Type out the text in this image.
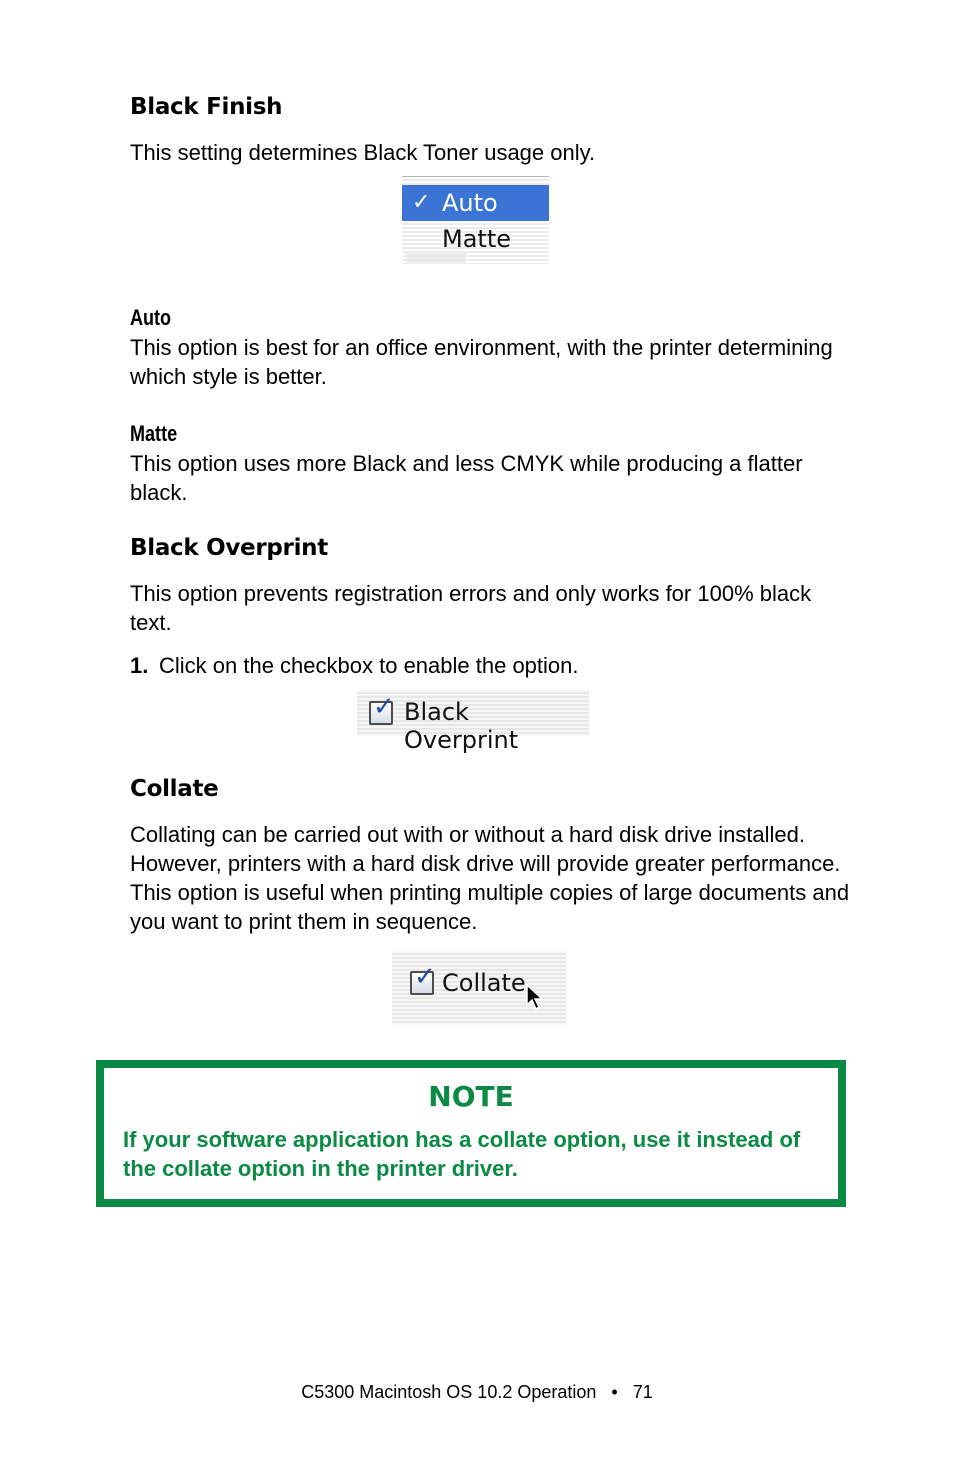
Black Finish
This setting determines Black Toner usage only.
✓ Auto
Matte
Auto
This option is best for an office environment, with the printer determining which style is better.
Matte
This option uses more Black and less CMYK while producing a flatter black.
Black Overprint
This option prevents registration errors and only works for 100% black text.
1. Click on the checkbox to enable the option.
✓ Black Overprint
Collate
Collating can be carried out with or without a hard disk drive installed. However, printers with a hard disk drive will provide greater performance. This option is useful when printing multiple copies of large documents and you want to print them in sequence.
✓ Collate
NOTE
If your software application has a collate option, use it instead of the collate option in the printer driver.
C5300 Macintosh OS 10.2 Operation • 71
